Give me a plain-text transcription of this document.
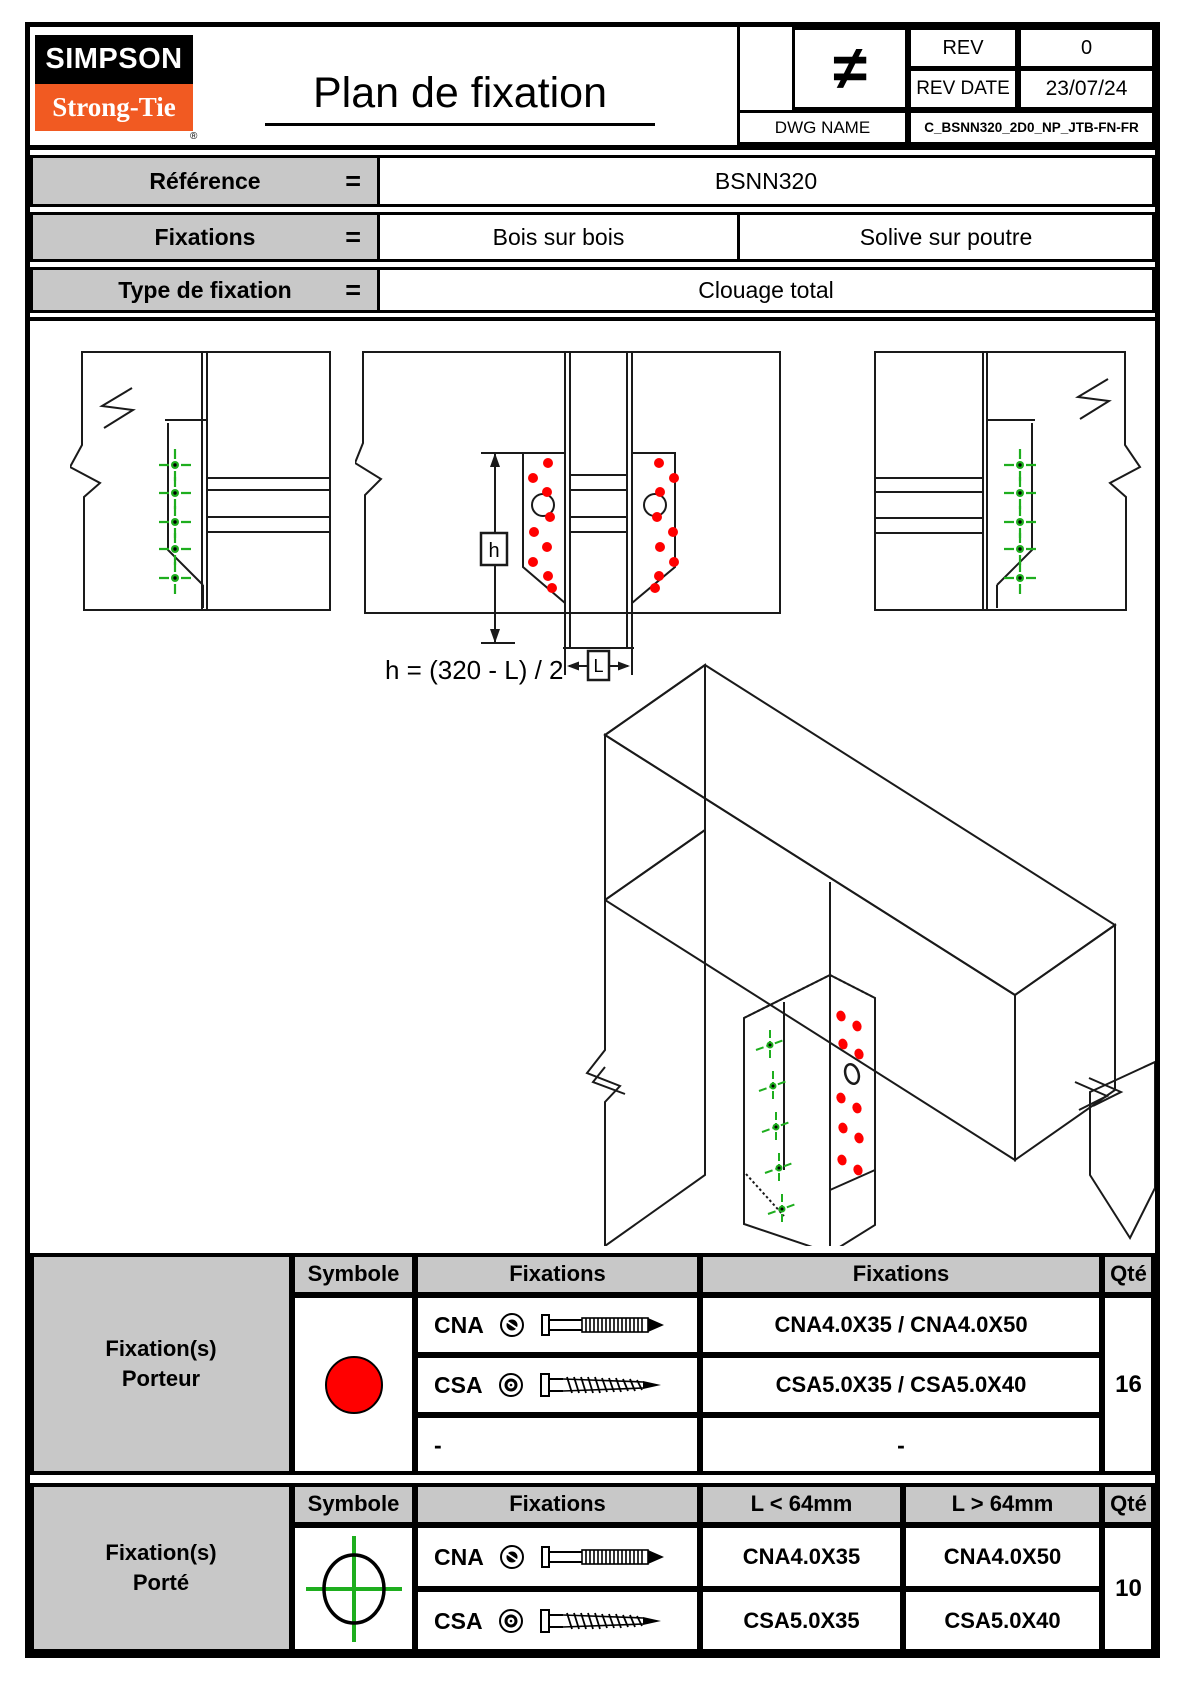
SIMPSON
Strong-Tie
®
Plan de fixation	≠	REV	0
REV DATE 23/07/24
DWG NAME	C_BSNN320_2D0_NP_JTB-FN-FR
Référence	=	BSNN320
Fixations	=	Bois sur bois	Solive sur poutre
Type de fixation =	Clouage total
h
L
h = (320 - L) / 2
Fixation(s)
Porteur
Symbole	Fixations	Fixations	Qté
CNA	CNA4.0X35 / CNA4.0X50
CSA	CSA5.0X35 / CSA5.0X40
-	-
16
Fixation(s)
Porté
Symbole	Fixations	L < 64mm	L > 64mm	Qté
CNA	CNA4.0X35	CNA4.0X50
CSA	CSA5.0X35	CSA5.0X40
10
